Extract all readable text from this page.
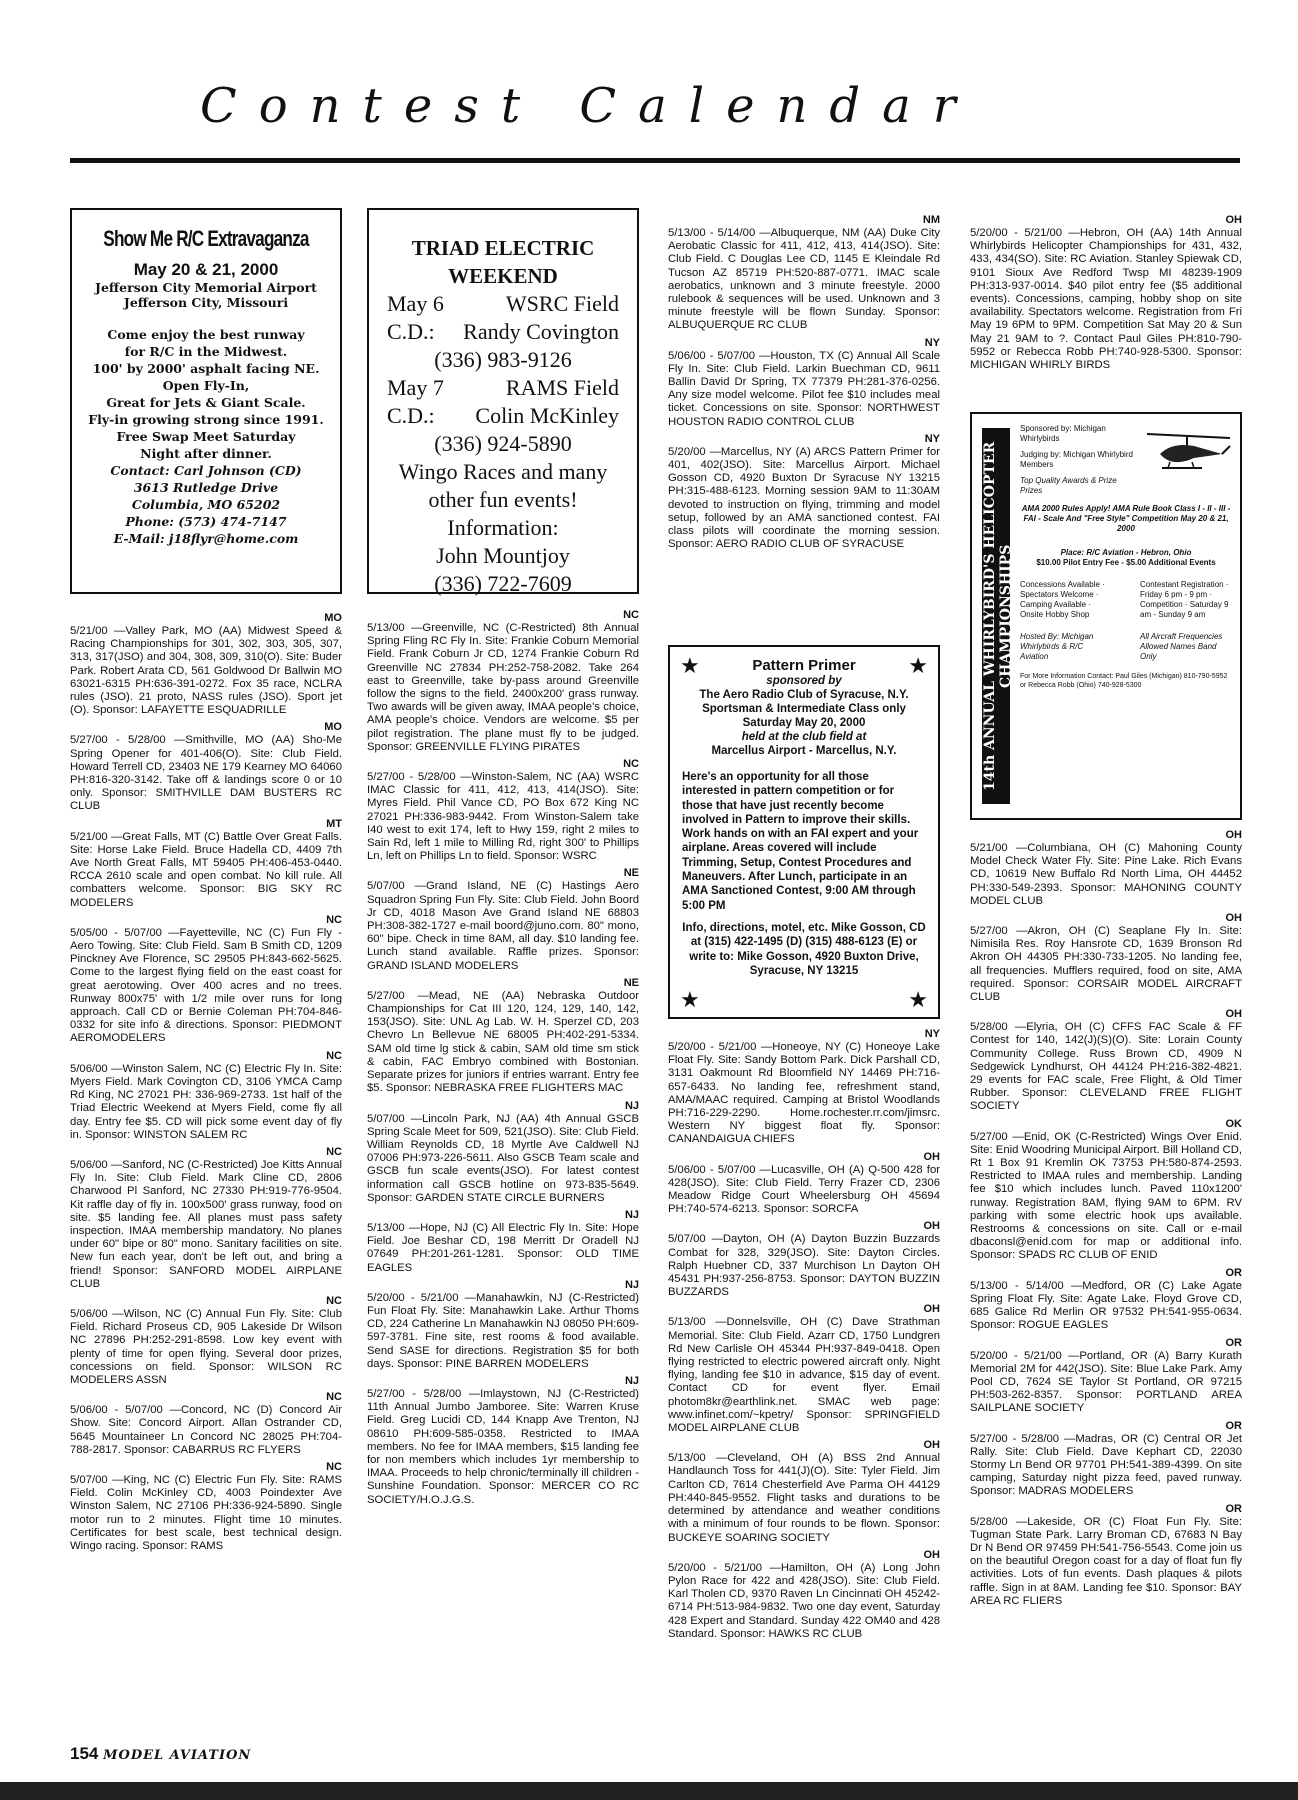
Contest Calendar
Show Me R/C Extravaganza
May 20 & 21, 2000
Jefferson City Memorial Airport
Jefferson City, Missouri
Come enjoy the best runway
for R/C in the Midwest.
100' by 2000' asphalt facing NE.
Open Fly-In,
Great for Jets & Giant Scale.
Fly-in growing strong since 1991.
Free Swap Meet Saturday
Night after dinner.
Contact: Carl Johnson (CD)
3613 Rutledge Drive
Columbia, MO 65202
Phone: (573) 474-7147
E-Mail: j18flyr@home.com
TRIAD ELECTRIC
WEEKEND
May 6	WSRC Field
C.D.: Randy Covington
(336) 983-9126
May 7	RAMS Field
C.D.: Colin McKinley
(336) 924-5890
Wingo Races and many
other fun events!
Information:
John Mountjoy
(336) 722-7609
★	★
Pattern Primer
sponsored by
The Aero Radio Club of Syracuse, N.Y.
Sportsman & Intermediate Class only
Saturday May 20, 2000
held at the club field at
Marcellus Airport - Marcellus, N.Y.
Here's an opportunity for all those interested in pattern competition or for those that have just recently become involved in Pattern to improve their skills. Work hands on with an FAI expert and your airplane. Areas covered will include Trimming, Setup, Contest Procedures and Maneuvers. After Lunch, participate in an AMA Sanctioned Contest, 9:00 AM through 5:00 PM
Info, directions, motel, etc. Mike Gosson, CD at (315) 422-1495 (D) (315) 488-6123 (E) or write to: Mike Gosson, 4920 Buxton Drive, Syracuse, NY 13215
★	★
14th ANNUAL WHIRLYBIRD'S HELICOPTER CHAMPIONSHIPS
Sponsored by: Michigan Whirlybirds
Judging by: Michigan Whirlybird Members
Top Quality Awards & Prize Prizes
AMA 2000 Rules Apply! AMA Rule Book Class I - II - III - FAI - Scale And "Free Style" Competition May 20 & 21, 2000
Place: R/C Aviation - Hebron, Ohio
$10.00 Pilot Entry Fee - $5.00 Additional Events
Concessions Available · Spectators Welcome · Camping Available · Onsite Hobby Shop
Contestant Registration · Friday 6 pm - 9 pm · Competition · Saturday 9 am - Sunday 9 am
Hosted By: Michigan Whirlybirds & R/C Aviation
All Aircraft Frequencies Allowed Names Band Only
For More Information Contact: Paul Giles (Michigan) 810-790-5952 or Rebecca Robb (Ohio) 740-928-5300
MO
5/21/00 —Valley Park, MO (AA) Midwest Speed & Racing Championships for 301, 302, 303, 305, 307, 313, 317(JSO) and 304, 308, 309, 310(O). Site: Buder Park. Robert Arata CD, 561 Goldwood Dr Ballwin MO 63021-6315 PH:636-391-0272. Fox 35 race, NCLRA rules (JSO). 21 proto, NASS rules (JSO). Sport jet (O). Sponsor: LAFAYETTE ESQUADRILLE
MO
5/27/00 - 5/28/00 —Smithville, MO (AA) Sho-Me Spring Opener for 401-406(O). Site: Club Field. Howard Terrell CD, 23403 NE 179 Kearney MO 64060 PH:816-320-3142. Take off & landings score 0 or 10 only. Sponsor: SMITHVILLE DAM BUSTERS RC CLUB
MT
5/21/00 —Great Falls, MT (C) Battle Over Great Falls. Site: Horse Lake Field. Bruce Hadella CD, 4409 7th Ave North Great Falls, MT 59405 PH:406-453-0440. RCCA 2610 scale and open combat. No kill rule. All combatters welcome. Sponsor: BIG SKY RC MODELERS
NC
5/05/00 - 5/07/00 —Fayetteville, NC (C) Fun Fly - Aero Towing. Site: Club Field. Sam B Smith CD, 1209 Pinckney Ave Florence, SC 29505 PH:843-662-5625. Come to the largest flying field on the east coast for great aerotowing. Over 400 acres and no trees. Runway 800x75' with 1/2 mile over runs for long approach. Call CD or Bernie Coleman PH:704-846-0332 for site info & directions. Sponsor: PIEDMONT AEROMODELERS
NC
5/06/00 —Winston Salem, NC (C) Electric Fly In. Site: Myers Field. Mark Covington CD, 3106 YMCA Camp Rd King, NC 27021 PH: 336-969-2733. 1st half of the Triad Electric Weekend at Myers Field, come fly all day. Entry fee $5. CD will pick some event day of fly in. Sponsor: WINSTON SALEM RC
NC
5/06/00 —Sanford, NC (C-Restricted) Joe Kitts Annual Fly In. Site: Club Field. Mark Cline CD, 2806 Charwood Pl Sanford, NC 27330 PH:919-776-9504. Kit raffle day of fly in. 100x500' grass runway, food on site. $5 landing fee. All planes must pass safety inspection. IMAA membership mandatory. No planes under 60" bipe or 80" mono. Sanitary facilities on site. New fun each year, don't be left out, and bring a friend! Sponsor: SANFORD MODEL AIRPLANE CLUB
NC
5/06/00 —Wilson, NC (C) Annual Fun Fly. Site: Club Field. Richard Proseus CD, 905 Lakeside Dr Wilson NC 27896 PH:252-291-8598. Low key event with plenty of time for open flying. Several door prizes, concessions on field. Sponsor: WILSON RC MODELERS ASSN
NC
5/06/00 - 5/07/00 —Concord, NC (D) Concord Air Show. Site: Concord Airport. Allan Ostrander CD, 5645 Mountaineer Ln Concord NC 28025 PH:704-788-2817. Sponsor: CABARRUS RC FLYERS
NC
5/07/00 —King, NC (C) Electric Fun Fly. Site: RAMS Field. Colin McKinley CD, 4003 Poindexter Ave Winston Salem, NC 27106 PH:336-924-5890. Single motor run to 2 minutes. Flight time 10 minutes. Certificates for best scale, best technical design. Wingo racing. Sponsor: RAMS
NC
5/13/00 —Greenville, NC (C-Restricted) 8th Annual Spring Fling RC Fly In. Site: Frankie Coburn Memorial Field. Frank Coburn Jr CD, 1274 Frankie Coburn Rd Greenville NC 27834 PH:252-758-2082. Take 264 east to Greenville, take by-pass around Greenville follow the signs to the field. 2400x200' grass runway. Two awards will be given away, IMAA people's choice, AMA people's choice. Vendors are welcome. $5 per pilot registration. The plane must fly to be judged. Sponsor: GREENVILLE FLYING PIRATES
NC
5/27/00 - 5/28/00 —Winston-Salem, NC (AA) WSRC IMAC Classic for 411, 412, 413, 414(JSO). Site: Myres Field. Phil Vance CD, PO Box 672 King NC 27021 PH:336-983-9442. From Winston-Salem take I40 west to exit 174, left to Hwy 159, right 2 miles to Sain Rd, left 1 mile to Milling Rd, right 300' to Phillips Ln, left on Phillips Ln to field. Sponsor: WSRC
NE
5/07/00 —Grand Island, NE (C) Hastings Aero Squadron Spring Fun Fly. Site: Club Field. John Boord Jr CD, 4018 Mason Ave Grand Island NE 68803 PH:308-382-1727 e-mail boord@juno.com. 80" mono, 60" bipe. Check in time 8AM, all day. $10 landing fee. Lunch stand available. Raffle prizes. Sponsor: GRAND ISLAND MODELERS
NE
5/27/00 —Mead, NE (AA) Nebraska Outdoor Championships for Cat III 120, 124, 129, 140, 142, 153(JSO). Site: UNL Ag Lab. W. H. Sperzel CD, 203 Chevro Ln Bellevue NE 68005 PH:402-291-5334. SAM old time lg stick & cabin, SAM old time sm stick & cabin, FAC Embryo combined with Bostonian. Separate prizes for juniors if entries warrant. Entry fee $5. Sponsor: NEBRASKA FREE FLIGHTERS MAC
NJ
5/07/00 —Lincoln Park, NJ (AA) 4th Annual GSCB Spring Scale Meet for 509, 521(JSO). Site: Club Field. William Reynolds CD, 18 Myrtle Ave Caldwell NJ 07006 PH:973-226-5611. Also GSCB Team scale and GSCB fun scale events(JSO). For latest contest information call GSCB hotline on 973-835-5649. Sponsor: GARDEN STATE CIRCLE BURNERS
NJ
5/13/00 —Hope, NJ (C) All Electric Fly In. Site: Hope Field. Joe Beshar CD, 198 Merritt Dr Oradell NJ 07649 PH:201-261-1281. Sponsor: OLD TIME EAGLES
NJ
5/20/00 - 5/21/00 —Manahawkin, NJ (C-Restricted) Fun Float Fly. Site: Manahawkin Lake. Arthur Thoms CD, 224 Catherine Ln Manahawkin NJ 08050 PH:609-597-3781. Fine site, rest rooms & food available. Send SASE for directions. Registration $5 for both days. Sponsor: PINE BARREN MODELERS
NJ
5/27/00 - 5/28/00 —Imlaystown, NJ (C-Restricted) 11th Annual Jumbo Jamboree. Site: Warren Kruse Field. Greg Lucidi CD, 144 Knapp Ave Trenton, NJ 08610 PH:609-585-0358. Restricted to IMAA members. No fee for IMAA members, $15 landing fee for non members which includes 1yr membership to IMAA. Proceeds to help chronic/terminally ill children - Sunshine Foundation. Sponsor: MERCER CO RC SOCIETY/H.O.J.G.S.
NM
5/13/00 - 5/14/00 —Albuquerque, NM (AA) Duke City Aerobatic Classic for 411, 412, 413, 414(JSO). Site: Club Field. C Douglas Lee CD, 1145 E Kleindale Rd Tucson AZ 85719 PH:520-887-0771. IMAC scale aerobatics, unknown and 3 minute freestyle. 2000 rulebook & sequences will be used. Unknown and 3 minute freestyle will be flown Sunday. Sponsor: ALBUQUERQUE RC CLUB
NY
5/06/00 - 5/07/00 —Houston, TX (C) Annual All Scale Fly In. Site: Club Field. Larkin Buechman CD, 9611 Ballin David Dr Spring, TX 77379 PH:281-376-0256. Any size model welcome. Pilot fee $10 includes meal ticket. Concessions on site. Sponsor: NORTHWEST HOUSTON RADIO CONTROL CLUB
NY
5/20/00 —Marcellus, NY (A) ARCS Pattern Primer for 401, 402(JSO). Site: Marcellus Airport. Michael Gosson CD, 4920 Buxton Dr Syracuse NY 13215 PH:315-488-6123. Morning session 9AM to 11:30AM devoted to instruction on flying, trimming and model setup, followed by an AMA sanctioned contest. FAI class pilots will coordinate the morning session. Sponsor: AERO RADIO CLUB OF SYRACUSE
NY
5/20/00 - 5/21/00 —Honeoye, NY (C) Honeoye Lake Float Fly. Site: Sandy Bottom Park. Dick Parshall CD, 3131 Oakmount Rd Bloomfield NY 14469 PH:716-657-6433. No landing fee, refreshment stand, AMA/MAAC required. Camping at Bristol Woodlands PH:716-229-2290. Home.rochester.rr.com/jimsrc. Western NY biggest float fly. Sponsor: CANANDAIGUA CHIEFS
OH
5/06/00 - 5/07/00 —Lucasville, OH (A) Q-500 428 for 428(JSO). Site: Club Field. Terry Frazer CD, 2306 Meadow Ridge Court Wheelersburg OH 45694 PH:740-574-6213. Sponsor: SORCFA
OH
5/07/00 —Dayton, OH (A) Dayton Buzzin Buzzards Combat for 328, 329(JSO). Site: Dayton Circles. Ralph Huebner CD, 337 Murchison Ln Dayton OH 45431 PH:937-256-8753. Sponsor: DAYTON BUZZIN BUZZARDS
OH
5/13/00 —Donnelsville, OH (C) Dave Strathman Memorial. Site: Club Field. Azarr CD, 1750 Lundgren Rd New Carlisle OH 45344 PH:937-849-0418. Open flying restricted to electric powered aircraft only. Night flying, landing fee $10 in advance, $15 day of event. Contact CD for event flyer. Email photom8kr@earthlink.net. SMAC web page: www.infinet.com/~kpetry/ Sponsor: SPRINGFIELD MODEL AIRPLANE CLUB
OH
5/13/00 —Cleveland, OH (A) BSS 2nd Annual Handlaunch Toss for 441(J)(O). Site: Tyler Field. Jim Carlton CD, 7614 Chesterfield Ave Parma OH 44129 PH:440-845-9552. Flight tasks and durations to be determined by attendance and weather conditions with a minimum of four rounds to be flown. Sponsor: BUCKEYE SOARING SOCIETY
OH
5/20/00 - 5/21/00 —Hamilton, OH (A) Long John Pylon Race for 422 and 428(JSO). Site: Club Field. Karl Tholen CD, 9370 Raven Ln Cincinnati OH 45242-6714 PH:513-984-9832. Two one day event, Saturday 428 Expert and Standard. Sunday 422 OM40 and 428 Standard. Sponsor: HAWKS RC CLUB
OH
5/20/00 - 5/21/00 —Hebron, OH (AA) 14th Annual Whirlybirds Helicopter Championships for 431, 432, 433, 434(SO). Site: RC Aviation. Stanley Spiewak CD, 9101 Sioux Ave Redford Twsp MI 48239-1909 PH:313-937-0014. $40 pilot entry fee ($5 additional events). Concessions, camping, hobby shop on site availability. Spectators welcome. Registration from Fri May 19 6PM to 9PM. Competition Sat May 20 & Sun May 21 9AM to ?. Contact Paul Giles PH:810-790-5952 or Rebecca Robb PH:740-928-5300. Sponsor: MICHIGAN WHIRLY BIRDS
OH
5/21/00 —Columbiana, OH (C) Mahoning County Model Check Water Fly. Site: Pine Lake. Rich Evans CD, 10619 New Buffalo Rd North Lima, OH 44452 PH:330-549-2393. Sponsor: MAHONING COUNTY MODEL CLUB
OH
5/27/00 —Akron, OH (C) Seaplane Fly In. Site: Nimisila Res. Roy Hansrote CD, 1639 Bronson Rd Akron OH 44305 PH:330-733-1205. No landing fee, all frequencies. Mufflers required, food on site, AMA required. Sponsor: CORSAIR MODEL AIRCRAFT CLUB
OH
5/28/00 —Elyria, OH (C) CFFS FAC Scale & FF Contest for 140, 142(J)(S)(O). Site: Lorain County Community College. Russ Brown CD, 4909 N Sedgewick Lyndhurst, OH 44124 PH:216-382-4821. 29 events for FAC scale, Free Flight, & Old Timer Rubber. Sponsor: CLEVELAND FREE FLIGHT SOCIETY
OK
5/27/00 —Enid, OK (C-Restricted) Wings Over Enid. Site: Enid Woodring Municipal Airport. Bill Holland CD, Rt 1 Box 91 Kremlin OK 73753 PH:580-874-2593. Restricted to IMAA rules and membership. Landing fee $10 which includes lunch. Paved 110x1200' runway. Registration 8AM, flying 9AM to 6PM. RV parking with some electric hook ups available. Restrooms & concessions on site. Call or e-mail dbaconsl@enid.com for map or additional info. Sponsor: SPADS RC CLUB OF ENID
OR
5/13/00 - 5/14/00 —Medford, OR (C) Lake Agate Spring Float Fly. Site: Agate Lake. Floyd Grove CD, 685 Galice Rd Merlin OR 97532 PH:541-955-0634. Sponsor: ROGUE EAGLES
OR
5/20/00 - 5/21/00 —Portland, OR (A) Barry Kurath Memorial 2M for 442(JSO). Site: Blue Lake Park. Amy Pool CD, 7624 SE Taylor St Portland, OR 97215 PH:503-262-8357. Sponsor: PORTLAND AREA SAILPLANE SOCIETY
OR
5/27/00 - 5/28/00 —Madras, OR (C) Central OR Jet Rally. Site: Club Field. Dave Kephart CD, 22030 Stormy Ln Bend OR 97701 PH:541-389-4399. On site camping, Saturday night pizza feed, paved runway. Sponsor: MADRAS MODELERS
OR
5/28/00 —Lakeside, OR (C) Float Fun Fly. Site: Tugman State Park. Larry Broman CD, 67683 N Bay Dr N Bend OR 97459 PH:541-756-5543. Come join us on the beautiful Oregon coast for a day of float fun fly activities. Lots of fun events. Dash plaques & pilots raffle. Sign in at 8AM. Landing fee $10. Sponsor: BAY AREA RC FLIERS
154 MODEL AVIATION
